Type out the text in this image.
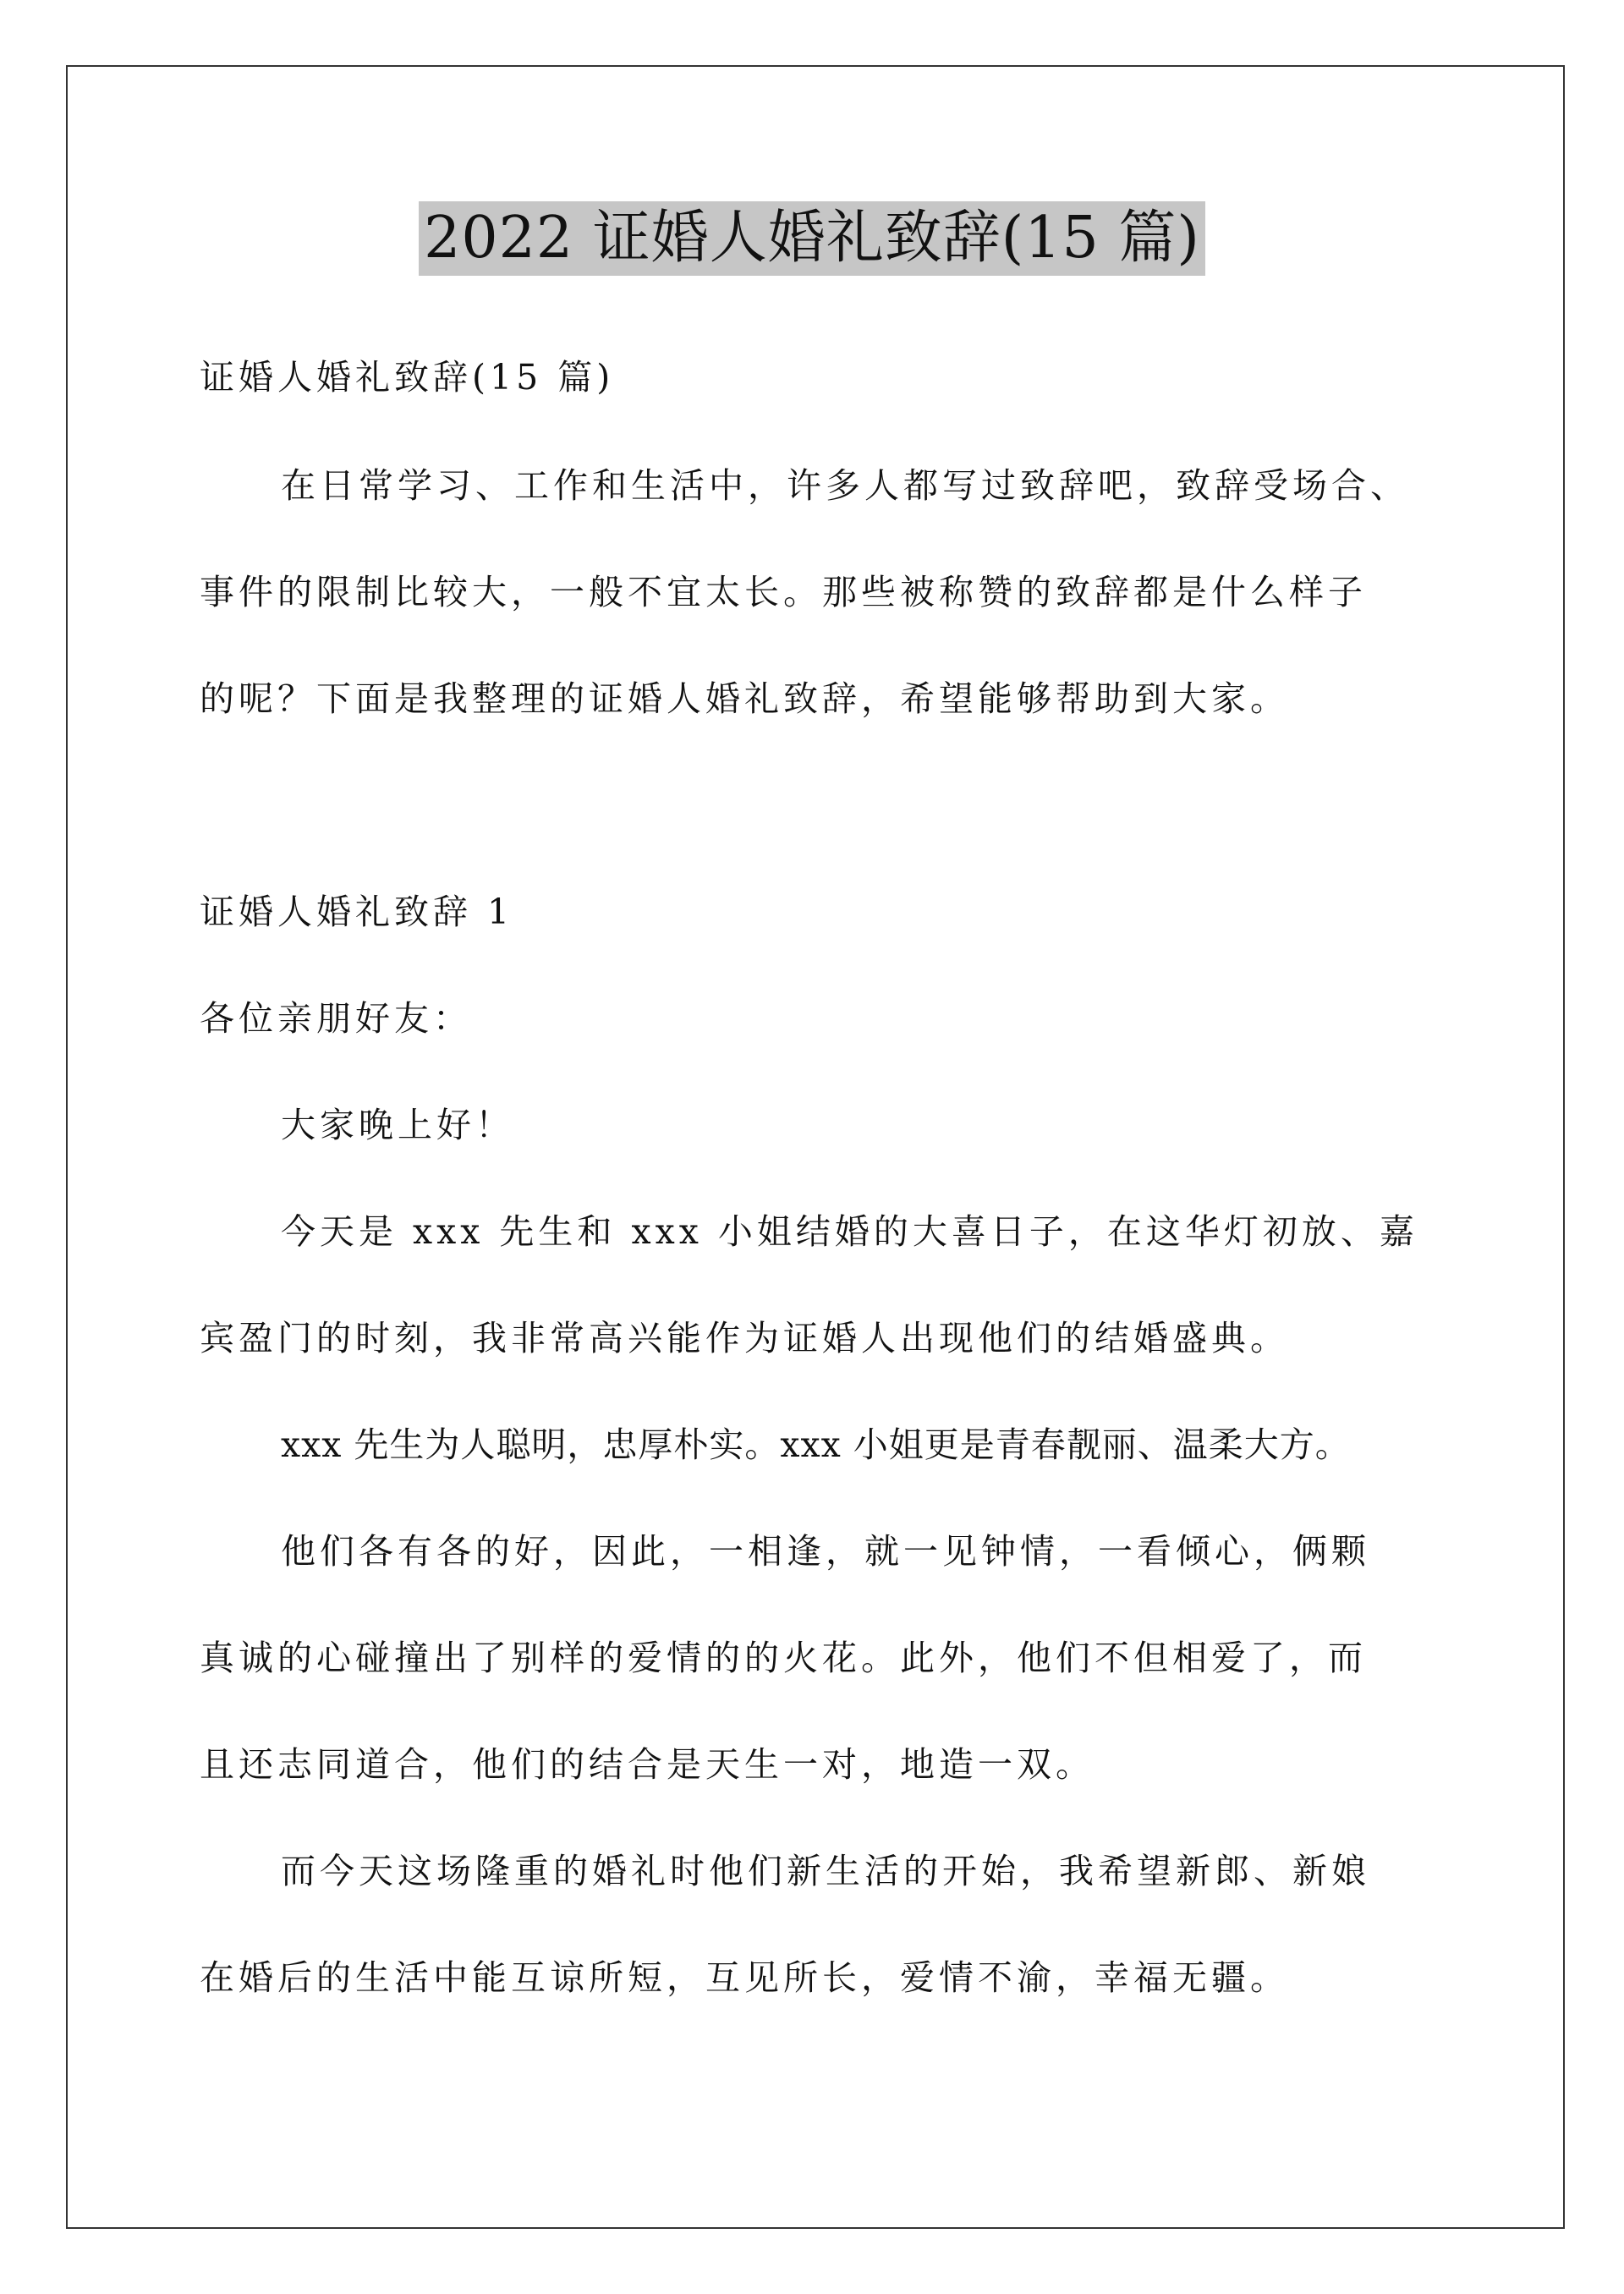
2022 证婚人婚礼致辞(15 篇)
证婚人婚礼致辞(15 篇)
在日常学习、工作和生活中，许多人都写过致辞吧，致辞受场合、
事件的限制比较大，一般不宜太长。那些被称赞的致辞都是什么样子
的呢？下面是我整理的证婚人婚礼致辞，希望能够帮助到大家。
证婚人婚礼致辞 1
各位亲朋好友：
大家晚上好！
今天是 xxx 先生和 xxx 小姐结婚的大喜日子，在这华灯初放、嘉
宾盈门的时刻，我非常高兴能作为证婚人出现他们的结婚盛典。
xxx 先生为人聪明，忠厚朴实。xxx 小姐更是青春靓丽、温柔大方。
他们各有各的好，因此，一相逢，就一见钟情，一看倾心，俩颗
真诚的心碰撞出了别样的爱情的的火花。此外，他们不但相爱了，而
且还志同道合，他们的结合是天生一对，地造一双。
而今天这场隆重的婚礼时他们新生活的开始，我希望新郎、新娘
在婚后的生活中能互谅所短，互见所长，爱情不渝，幸福无疆。
